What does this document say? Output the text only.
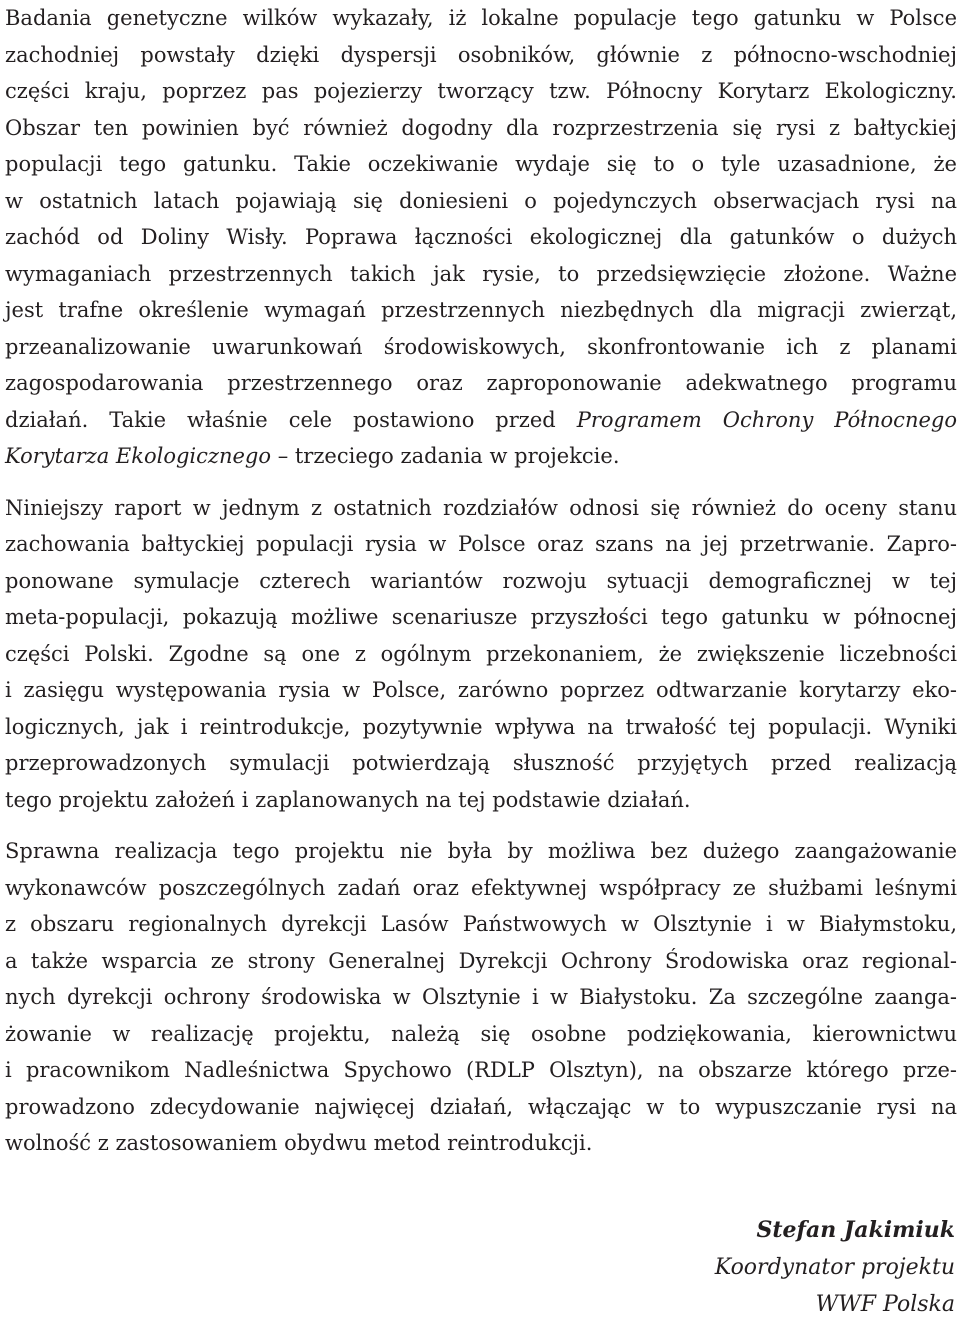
Badania genetyczne wilków wykazały, iż lokalne populacje tego gatunku w Polsce
zachodniej powstały dzięki dyspersji osobników, głównie z północno-wschodniej
części kraju, poprzez pas pojezierzy tworzący tzw. Północny Korytarz Ekologiczny.
Obszar ten powinien być również dogodny dla rozprzestrzenia się rysi z bałtyckiej
populacji tego gatunku. Takie oczekiwanie wydaje się to o tyle uzasadnione, że
w ostatnich latach pojawiają się doniesieni o pojedynczych obserwacjach rysi na
zachód od Doliny Wisły. Poprawa łączności ekologicznej dla gatunków o dużych
wymaganiach przestrzennych takich jak rysie, to przedsięwzięcie złożone. Ważne
jest trafne określenie wymagań przestrzennych niezbędnych dla migracji zwierząt,
przeanalizowanie uwarunkowań środowiskowych, skonfrontowanie ich z planami
zagospodarowania przestrzennego oraz zaproponowanie adekwatnego programu
działań. Takie właśnie cele postawiono przed Programem Ochrony Północnego
Korytarza Ekologicznego – trzeciego zadania w projekcie.

Niniejszy raport w jednym z ostatnich rozdziałów odnosi się również do oceny stanu
zachowania bałtyckiej populacji rysia w Polsce oraz szans na jej przetrwanie. Zapro-
ponowane symulacje czterech wariantów rozwoju sytuacji demograficznej w tej
meta-populacji, pokazują możliwe scenariusze przyszłości tego gatunku w północnej
części Polski. Zgodne są one z ogólnym przekonaniem, że zwiększenie liczebności
i zasięgu występowania rysia w Polsce, zarówno poprzez odtwarzanie korytarzy eko-
logicznych, jak i reintrodukcje, pozytywnie wpływa na trwałość tej populacji. Wyniki
przeprowadzonych symulacji potwierdzają słuszność przyjętych przed realizacją
tego projektu założeń i zaplanowanych na tej podstawie działań.

Sprawna realizacja tego projektu nie była by możliwa bez dużego zaangażowanie
wykonawców poszczególnych zadań oraz efektywnej współpracy ze służbami leśnymi
z obszaru regionalnych dyrekcji Lasów Państwowych w Olsztynie i w Białymstoku,
a także wsparcia ze strony Generalnej Dyrekcji Ochrony Środowiska oraz regional-
nych dyrekcji ochrony środowiska w Olsztynie i w Białystoku. Za szczególne zaanga-
żowanie w realizację projektu, należą się osobne podziękowania, kierownictwu
i pracownikom Nadleśnictwa Spychowo (RDLP Olsztyn), na obszarze którego prze-
prowadzono zdecydowanie najwięcej działań, włączając w to wypuszczanie rysi na
wolność z zastosowaniem obydwu metod reintrodukcji.

Stefan Jakimiuk
Koordynator projektu
WWF Polska
